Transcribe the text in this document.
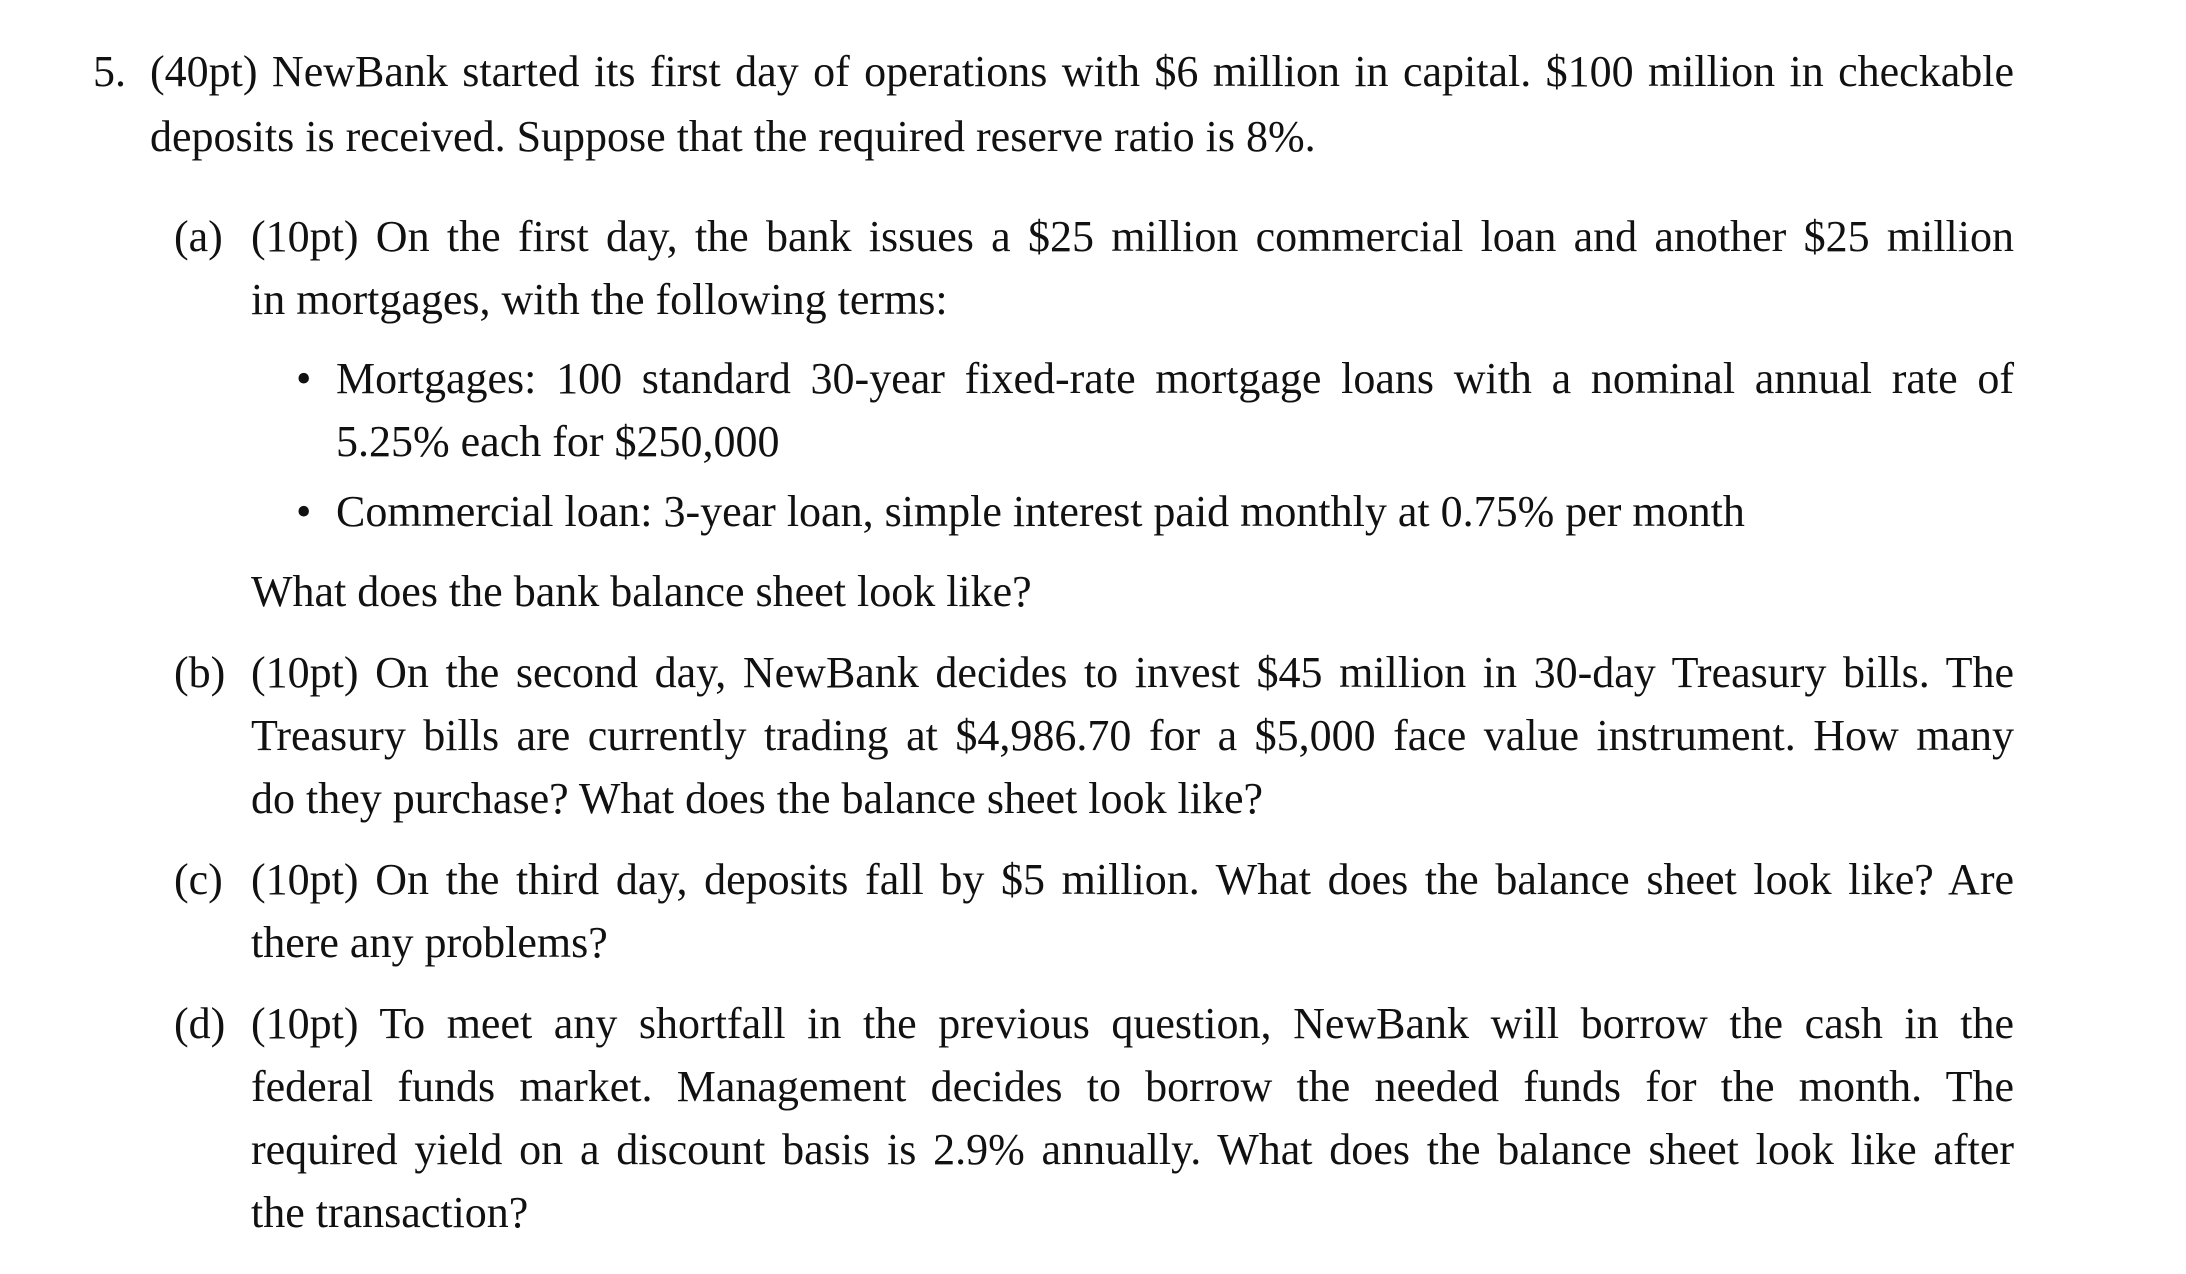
5. (40pt) NewBank started its first day of operations with $6 million in capital. $100 million in checkable
deposits is received. Suppose that the required reserve ratio is 8%.
(a) (10pt) On the first day, the bank issues a $25 million commercial loan and another $25 million
in mortgages, with the following terms:
• Mortgages: 100 standard 30-year fixed-rate mortgage loans with a nominal annual rate of
5.25% each for $250,000
• Commercial loan: 3-year loan, simple interest paid monthly at 0.75% per month
What does the bank balance sheet look like?
(b) (10pt) On the second day, NewBank decides to invest $45 million in 30-day Treasury bills. The
Treasury bills are currently trading at $4,986.70 for a $5,000 face value instrument. How many
do they purchase? What does the balance sheet look like?
(c) (10pt) On the third day, deposits fall by $5 million. What does the balance sheet look like? Are
there any problems?
(d) (10pt) To meet any shortfall in the previous question, NewBank will borrow the cash in the
federal funds market. Management decides to borrow the needed funds for the month. The
required yield on a discount basis is 2.9% annually. What does the balance sheet look like after
the transaction?
